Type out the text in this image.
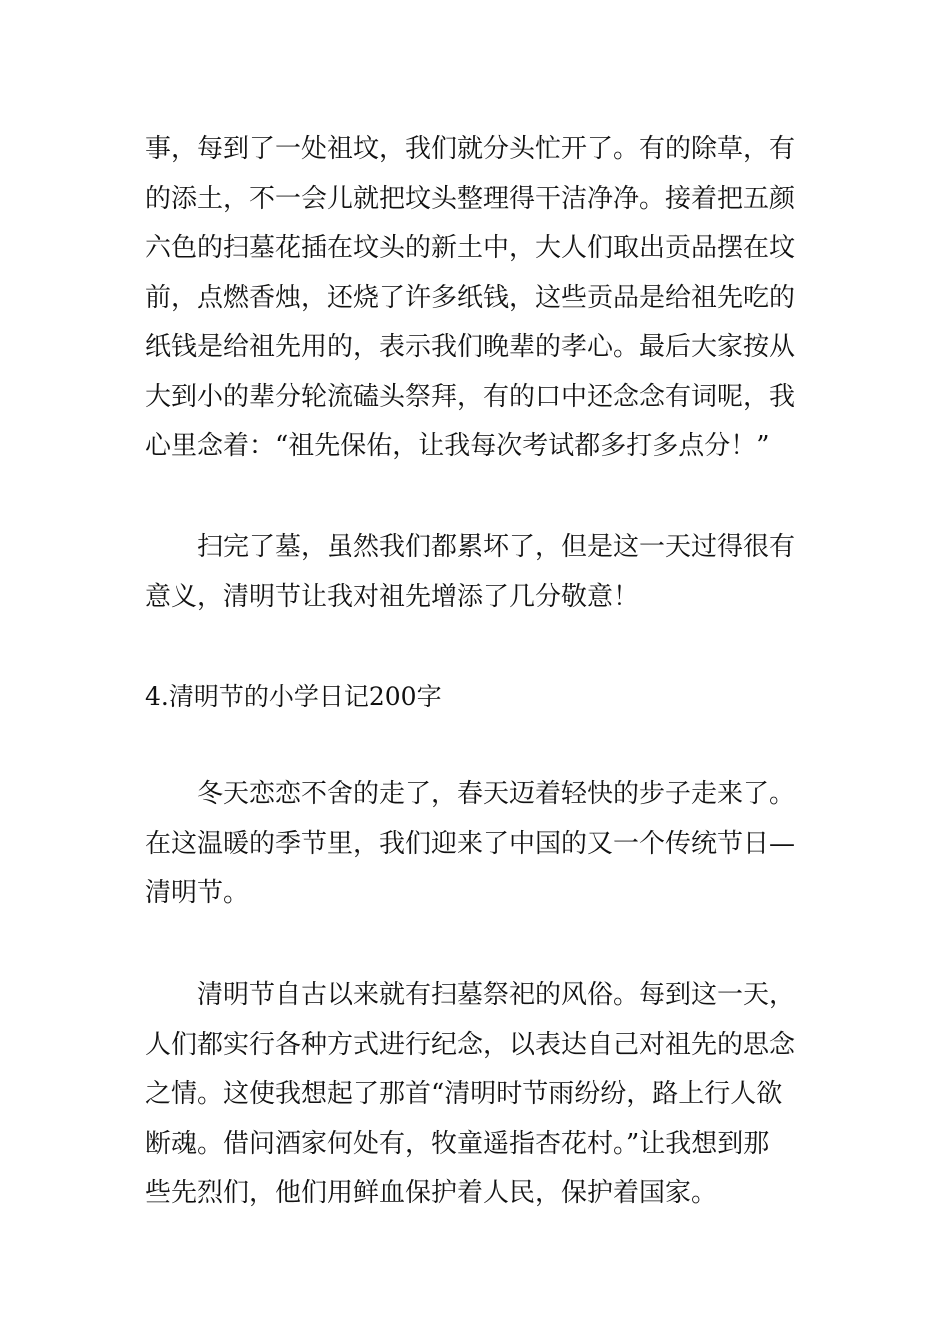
事，每到了一处祖坟，我们就分头忙开了。有的除草，有
的添土，不一会儿就把坟头整理得干洁净净。接着把五颜
六色的扫墓花插在坟头的新土中，大人们取出贡品摆在坟
前，点燃香烛，还烧了许多纸钱，这些贡品是给祖先吃的
纸钱是给祖先用的，表示我们晚辈的孝心。最后大家按从
大到小的辈分轮流磕头祭拜，有的口中还念念有词呢，我
心里念着：“祖先保佑，让我每次考试都多打多点分！”
扫完了墓，虽然我们都累坏了，但是这一天过得很有
意义，清明节让我对祖先增添了几分敬意！
4.清明节的小学日记200字
冬天恋恋不舍的走了，春天迈着轻快的步子走来了。
在这温暖的季节里，我们迎来了中国的又一个传统节日—
清明节。
清明节自古以来就有扫墓祭祀的风俗。每到这一天，
人们都实行各种方式进行纪念，以表达自己对祖先的思念
之情。这使我想起了那首“清明时节雨纷纷，路上行人欲
断魂。借问酒家何处有，牧童遥指杏花村。”让我想到那
些先烈们，他们用鲜血保护着人民，保护着国家。
